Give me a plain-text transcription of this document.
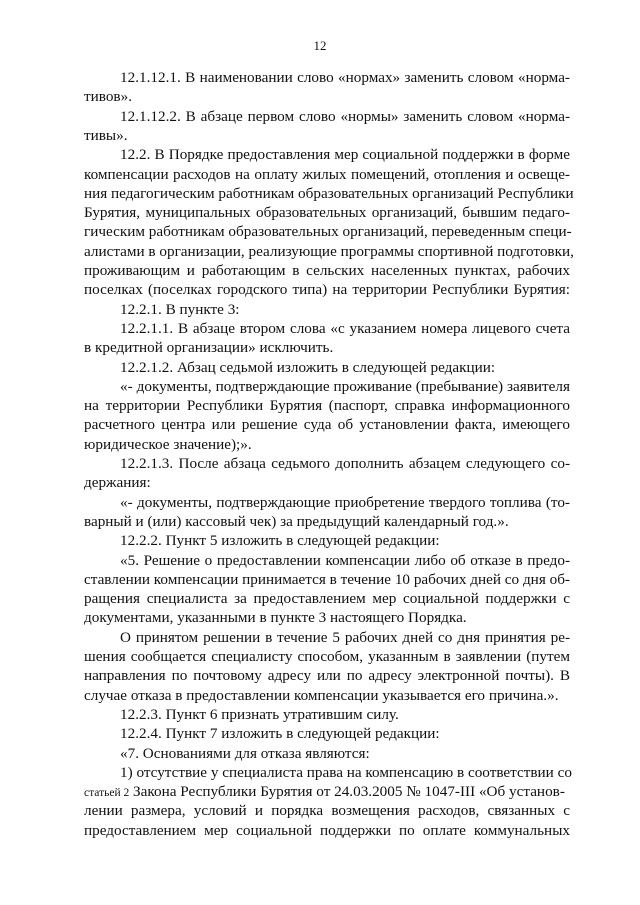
12
12.1.12.1. В наименовании слово «нормах» заменить словом «норма-
тивов».
12.1.12.2. В абзаце первом слово «нормы» заменить словом «норма-
тивы».
12.2. В Порядке предоставления мер социальной поддержки в форме
компенсации расходов на оплату жилых помещений, отопления и освеще-
ния педагогическим работникам образовательных организаций Республики
Бурятия, муниципальных образовательных организаций, бывшим педаго-
гическим работникам образовательных организаций, переведенным специ-
алистами в организации, реализующие программы спортивной подготовки,
проживающим и работающим в сельских населенных пунктах, рабочих
поселках (поселках городского типа) на территории Республики Бурятия:
12.2.1. В пункте 3:
12.2.1.1. В абзаце втором слова «с указанием номера лицевого счета
в кредитной организации» исключить.
12.2.1.2. Абзац седьмой изложить в следующей редакции:
«- документы, подтверждающие проживание (пребывание) заявителя
на территории Республики Бурятия (паспорт, справка информационного
расчетного центра или решение суда об установлении факта, имеющего
юридическое значение);».
12.2.1.3. После абзаца седьмого дополнить абзацем следующего со-
держания:
«- документы, подтверждающие приобретение твердого топлива (то-
варный и (или) кассовый чек) за предыдущий календарный год.».
12.2.2. Пункт 5 изложить в следующей редакции:
«5. Решение о предоставлении компенсации либо об отказе в предо-
ставлении компенсации принимается в течение 10 рабочих дней со дня об-
ращения специалиста за предоставлением мер социальной поддержки с
документами, указанными в пункте 3 настоящего Порядка.
О принятом решении в течение 5 рабочих дней со дня принятия ре-
шения сообщается специалисту способом, указанным в заявлении (путем
направления по почтовому адресу или по адресу электронной почты). В
случае отказа в предоставлении компенсации указывается его причина.».
12.2.3. Пункт 6 признать утратившим силу.
12.2.4. Пункт 7 изложить в следующей редакции:
«7. Основаниями для отказа являются:
1) отсутствие у специалиста права на компенсацию в соответствии со
статьей 2 Закона Республики Бурятия от 24.03.2005 № 1047-III «Об установ-
лении размера, условий и порядка возмещения расходов, связанных с
предоставлением мер социальной поддержки по оплате коммунальных
